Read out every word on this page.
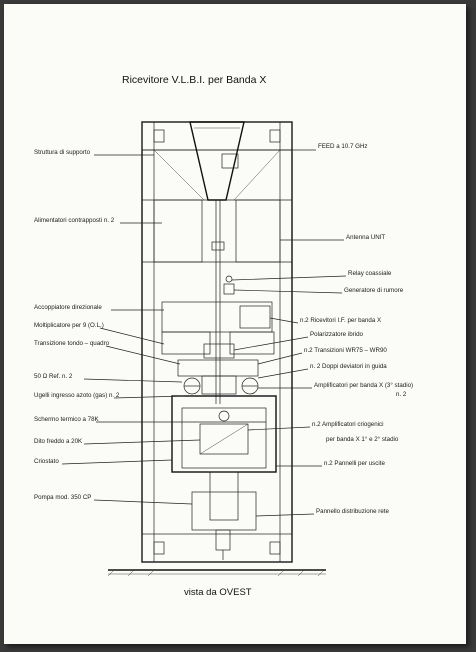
Ricevitore V.L.B.I. per Banda X
Struttura di supporto
Alimentatori contrapposti n. 2
Accoppiatore direzionale
Moltiplicatore per 9 (O.L.)
Transizione tondo – quadro
50 Ω Ref. n. 2
Ugelli ingresso azoto (gas) n. 2
Schermo termico a 78K
Dito freddo a 20K
Criostato
Pompa mod. 350 CP
FEED a 10.7 GHz
Antenna UNIT
Relay coassiale
Generatore di rumore
n.2 Ricevitori I.F. per banda X
Polarizzatore ibrido
n.2 Transizioni WR75 – WR90
n. 2 Doppi deviatori in guida
Amplificatori per banda X (3° stadio)
n. 2
n.2 Amplificatori criogenici
per banda X 1° e 2° stadio
n.2 Pannelli per uscite
Pannello distribuzione rete
vista da OVEST
